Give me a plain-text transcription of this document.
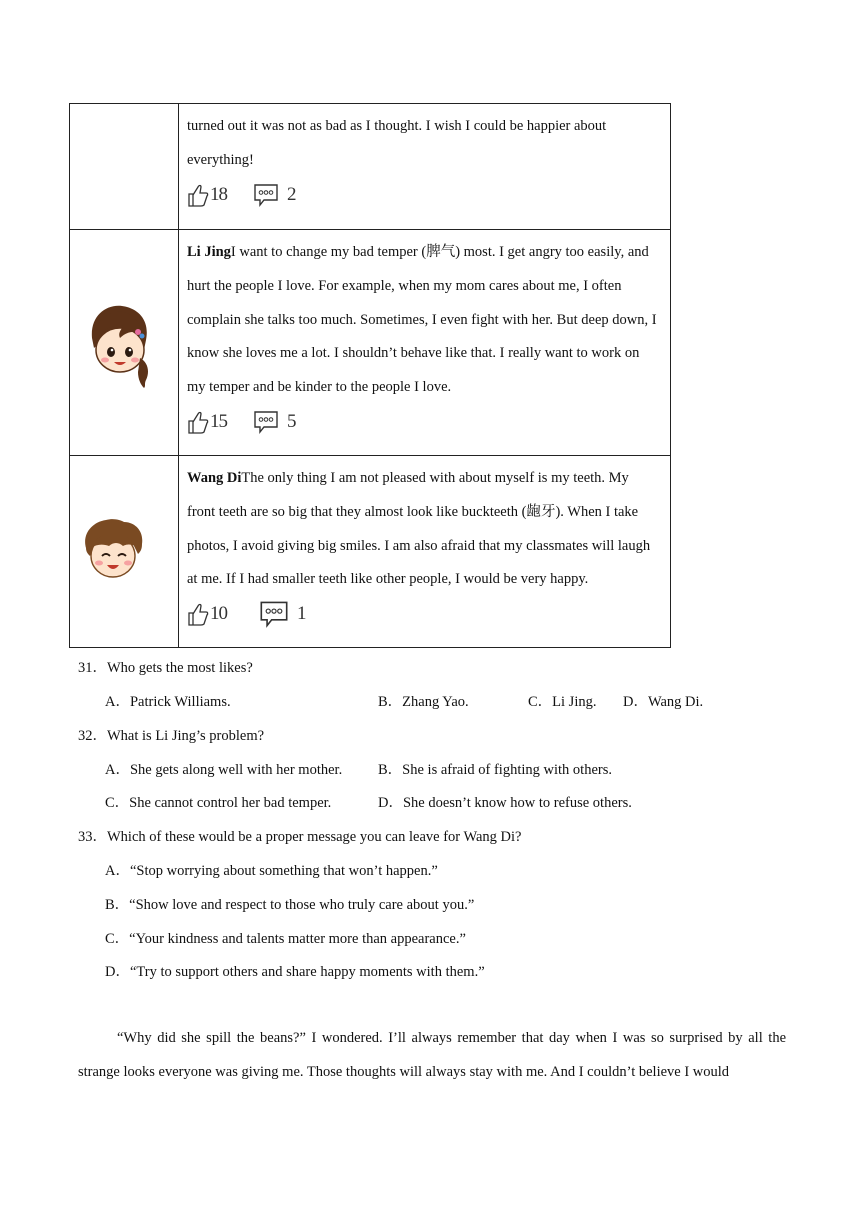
	turned out it was not as bad as I thought. I wish I could be happier about everything!
18 2

Li JingI want to change my bad temper (脾气) most. I get angry too easily, and hurt the people I love. For example, when my mom cares about me, I often complain she talks too much. Sometimes, I even fight with her. But deep down, I know she loves me a lot. I shouldn’t behave like that. I really want to work on my temper and be kinder to the people I love.
15 5

Wang DiThe only thing I am not pleased with about myself is my teeth. My front teeth are so big that they almost look like buckteeth (龅牙). When I take photos, I avoid giving big smiles. I am also afraid that my classmates will laugh at me. If I had smaller teeth like other people, I would be very happy.
10 1
31．Who gets the most likes?
A．Patrick Williams.	B．Zhang Yao.	C．Li Jing. D．Wang Di.
32．What is Li Jing’s problem?
A．She gets along well with her mother. B．She is afraid of fighting with others.
C．She cannot control her bad temper.	D．She doesn’t know how to refuse others.
33．Which of these would be a proper message you can leave for Wang Di?
A．“Stop worrying about something that won’t happen.”
B．“Show love and respect to those who truly care about you.”
C．“Your kindness and talents matter more than appearance.”
D．“Try to support others and share happy moments with them.”

“Why did she spill the beans?” I wondered. I’ll always remember that day when I was so surprised by all the strange looks everyone was giving me. Those thoughts will always stay with me. And I couldn’t believe I would
